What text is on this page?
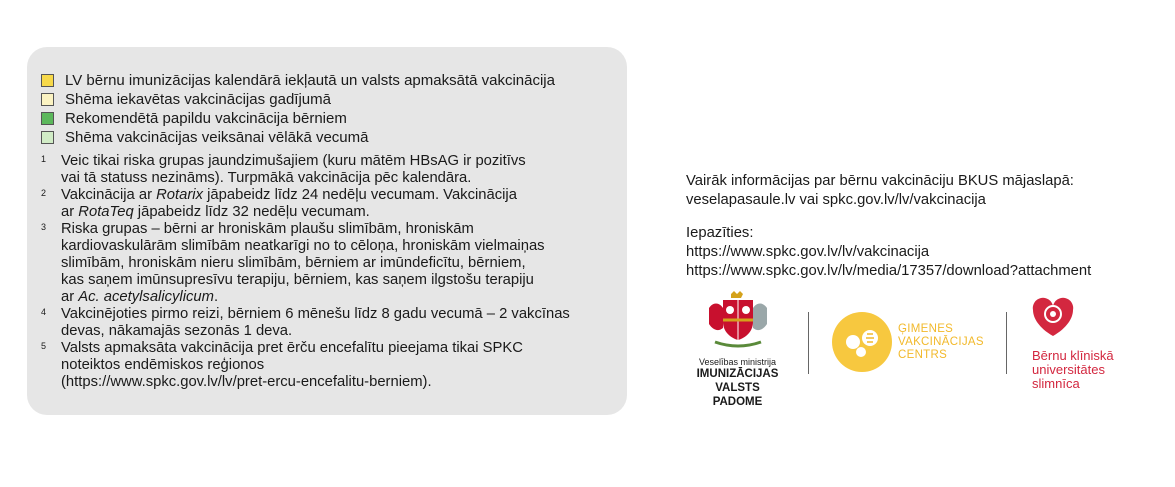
LV bērnu imunizācijas kalendārā iekļautā un valsts apmaksātā vakcinācija
Shēma iekavētas vakcinācijas gadījumā
Rekomendētā papildu vakcinācija bērniem
Shēma vakcinācijas veiksānai vēlākā vecumā
1	Veic tikai riska grupas jaundzimušajiem (kuru mātēm HBsAG ir pozitīvs

vai tā statuss nezināms). Turpmākā vakcinācija pēc kalendāra.

2	Vakcinācija ar Rotarix jāpabeidz līdz 24 nedēļu vecumam. Vakcinācija

ar RotaTeq jāpabeidz līdz 32 nedēļu vecumam.

3	Riska grupas – bērni ar hroniskām plaušu slimībām, hroniskām

kardiovaskulārām slimībām neatkarīgi no to cēloņa, hroniskām vielmaiņas

slimībām, hroniskām nieru slimībām, bērniem ar imūndeficītu, bērniem,

kas saņem imūnsupresīvu terapiju, bērniem, kas saņem ilgstošu terapiju

ar Ac. acetylsalicylicum.

4	Vakcinējoties pirmo reizi, bērniem 6 mēnešu līdz 8 gadu vecumā – 2 vakcīnas

devas, nākamajās sezonās 1 deva.

5	Valsts apmaksāta vakcinācija pret ērču encefalītu pieejama tikai SPKC

noteiktos endēmiskos reģionos

(https://www.spkc.gov.lv/lv/pret-ercu-encefalitu-berniem).

Vairāk informācijas par bērnu vakcināciju BKUS mājaslapā:
veselapasaule.lv vai spkc.gov.lv/lv/vakcinacija
Iepazīties:
https://www.spkc.gov.lv/lv/vakcinacija
https://www.spkc.gov.lv/lv/media/17357/download?attachment
Veselības ministrija
IMUNIZĀCIJAS
VALSTS PADOME
ĢIMENES
VAKCINĀCIJAS
CENTRS	Bērnu klīniskā
universitātes
slimnīca
